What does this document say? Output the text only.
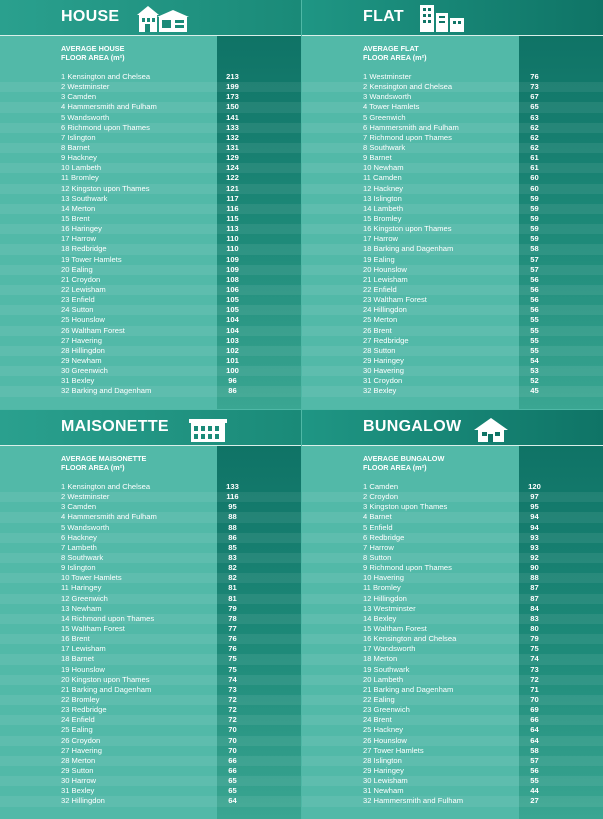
HOUSE
AVERAGE HOUSE
FLOOR AREA (m²)
1 Kensington and Chelsea	213
2 Westminster	199
3 Camden	173
4 Hammersmith and Fulham	150
5 Wandsworth	141
6 Richmond upon Thames	133
7 Islington	132
8 Barnet	131
9 Hackney	129
10 Lambeth	124
11 Bromley	122
12 Kingston upon Thames	121
13 Southwark	117
14 Merton	116
15 Brent	115
16 Haringey	113
17 Harrow	110
18 Redbridge	110
19 Tower Hamlets	109
20 Ealing	109
21 Croydon	108
22 Lewisham	106
23 Enfield	105
24 Sutton	105
25 Hounslow	104
26 Waltham Forest	104
27 Havering	103
28 Hillingdon	102
29 Newham	101
30 Greenwich	100
31 Bexley	96
32 Barking and Dagenham	86
FLAT
AVERAGE FLAT
FLOOR AREA (m²)
1 Westminster	76
2 Kensington and Chelsea	73
3 Wandsworth	67
4 Tower Hamlets	65
5 Greenwich	63
6 Hammersmith and Fulham	62
7 Richmond upon Thames	62
8 Southwark	62
9 Barnet	61
10 Newham	61
11 Camden	60
12 Hackney	60
13 Islington	59
14 Lambeth	59
15 Bromley	59
16 Kingston upon Thames	59
17 Harrow	59
18 Barking and Dagenham	58
19 Ealing	57
20 Hounslow	57
21 Lewisham	56
22 Enfield	56
23 Waltham Forest	56
24 Hillingdon	56
25 Merton	55
26 Brent	55
27 Redbridge	55
28 Sutton	55
29 Haringey	54
30 Havering	53
31 Croydon	52
32 Bexley	45
MAISONETTE
AVERAGE MAISONETTE
FLOOR AREA (m²)
1 Kensington and Chelsea	133
2 Westminster	116
3 Camden	95
4 Hammersmith and Fulham	88
5 Wandsworth	88
6 Hackney	86
7 Lambeth	85
8 Southwark	83
9 Islington	82
10 Tower Hamlets	82
11 Haringey	81
12 Greenwich	81
13 Newham	79
14 Richmond upon Thames	78
15 Waltham Forest	77
16 Brent	76
17 Lewisham	76
18 Barnet	75
19 Hounslow	75
20 Kingston upon Thames	74
21 Barking and Dagenham	73
22 Bromley	72
23 Redbridge	72
24 Enfield	72
25 Ealing	70
26 Croydon	70
27 Havering	70
28 Merton	66
29 Sutton	66
30 Harrow	65
31 Bexley	65
32 Hillingdon	64
BUNGALOW
AVERAGE BUNGALOW
FLOOR AREA (m²)
1 Camden	120
2 Croydon	97
3 Kingston upon Thames	95
4 Barnet	94
5 Enfield	94
6 Redbridge	93
7 Harrow	93
8 Sutton	92
9 Richmond upon Thames	90
10 Havering	88
11 Bromley	87
12 Hillingdon	87
13 Westminster	84
14 Bexley	83
15 Waltham Forest	80
16 Kensington and Chelsea	79
17 Wandsworth	75
18 Merton	74
19 Southwark	73
20 Lambeth	72
21 Barking and Dagenham	71
22 Ealing	70
23 Greenwich	69
24 Brent	66
25 Hackney	64
26 Hounslow	64
27 Tower Hamlets	58
28 Islington	57
29 Haringey	56
30 Lewisham	55
31 Newham	44
32 Hammersmith and Fulham	27
